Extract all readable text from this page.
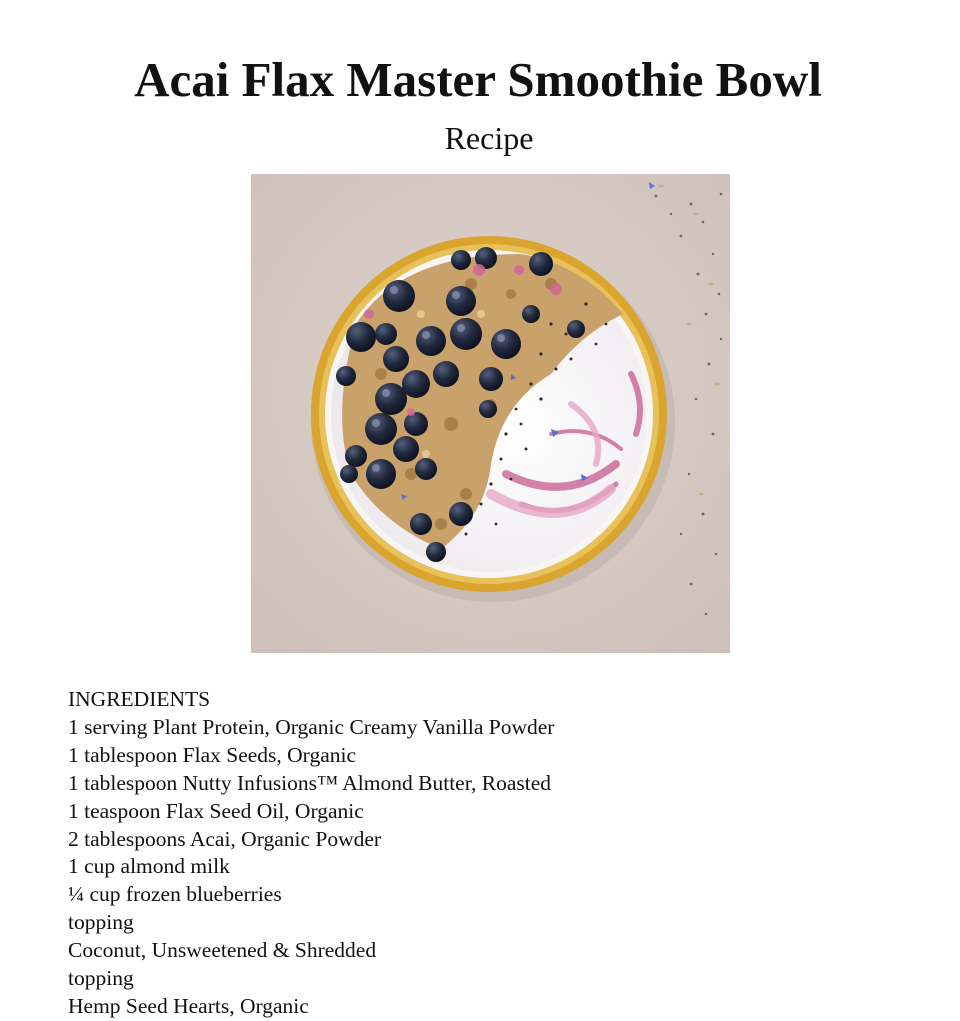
Acai Flax Master Smoothie Bowl
Recipe
INGREDIENTS
1 serving Plant Protein, Organic Creamy Vanilla Powder
1 tablespoon Flax Seeds, Organic
1 tablespoon Nutty Infusions™ Almond Butter, Roasted
1 teaspoon Flax Seed Oil, Organic
2 tablespoons Acai, Organic Powder
1 cup almond milk
¼ cup frozen blueberries
topping
Coconut, Unsweetened & Shredded
topping
Hemp Seed Hearts, Organic
